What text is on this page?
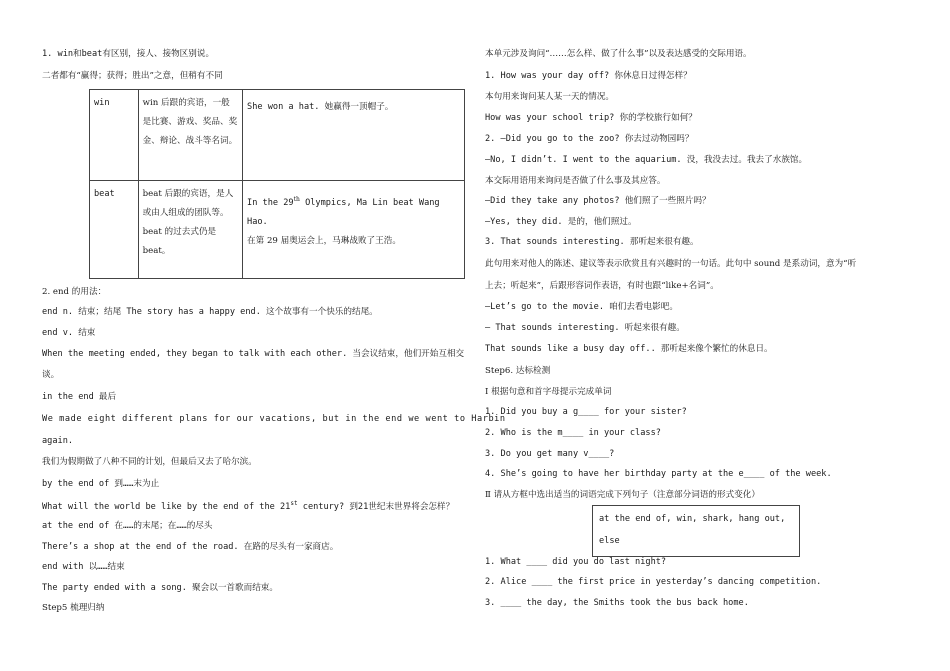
1. win和beat有区别，接人、接物区别说。
二者都有“赢得；获得；胜出”之意，但稍有不同
win	win 后跟的宾语，一般是比赛、游戏、奖品、奖金、辩论、战斗等名词。	She won a hat. 她赢得一顶帽子。
beat	beat 后跟的宾语，是人或由人组成的团队等。beat 的过去式仍是beat。	In the 29th Olympics, Ma Lin beat Wang Hao.
在第 29 届奥运会上，马琳战败了王浩。
2. end 的用法：
end n. 结束；结尾 The story has a happy end. 这个故事有一个快乐的结尾。
end v. 结束
When the meeting ended, they began to talk with each other. 当会议结束，他们开始互相交
谈。
in the end 最后
We made eight different plans for our vacations, but in the end we went to Harbin
again.
我们为假期做了八种不同的计划，但最后又去了哈尔滨。
by the end of 到……末为止
What will the world be like by the end of the 21st century? 到21世纪末世界将会怎样？
at the end of 在……的末尾；在……的尽头
There’s a shop at the end of the road. 在路的尽头有一家商店。
end with 以……结束
The party ended with a song. 聚会以一首歌而结束。
Step5 梳理归纳
本单元涉及询问“……怎么样、做了什么事”以及表达感受的交际用语。
1. How was your day off? 你休息日过得怎样？
本句用来询问某人某一天的情况。
How was your school trip? 你的学校旅行如何？
2. —Did you go to the zoo? 你去过动物园吗？
—No, I didn’t. I went to the aquarium. 没，我没去过。我去了水族馆。
本交际用语用来询问是否做了什么事及其应答。
—Did they take any photos? 他们照了一些照片吗？
—Yes, they did. 是的，他们照过。
3. That sounds interesting. 那听起来很有趣。
此句用来对他人的陈述、建议等表示欣赏且有兴趣时的一句话。此句中 sound 是系动词，意为“听
上去；听起来”，后跟形容词作表语，有时也跟“like+名词”。
—Let’s go to the movie. 咱们去看电影吧。
— That sounds interesting. 听起来很有趣。
That sounds like a busy day off.. 那听起来像个繁忙的休息日。
Step6. 达标检测
Ⅰ 根据句意和首字母提示完成单词
1. Did you buy a g____ for your sister?
2. Who is the m____ in your class?
3. Do you get many v____?
4. She’s going to have her birthday party at the e____ of the week.
Ⅱ 请从方框中选出适当的词语完成下列句子（注意部分词语的形式变化）
at the end of, win, shark, hang out,
else
1. What ____ did you do last night?
2. Alice ____ the first price in yesterday’s dancing competition.
3. ____ the day, the Smiths took the bus back home.
